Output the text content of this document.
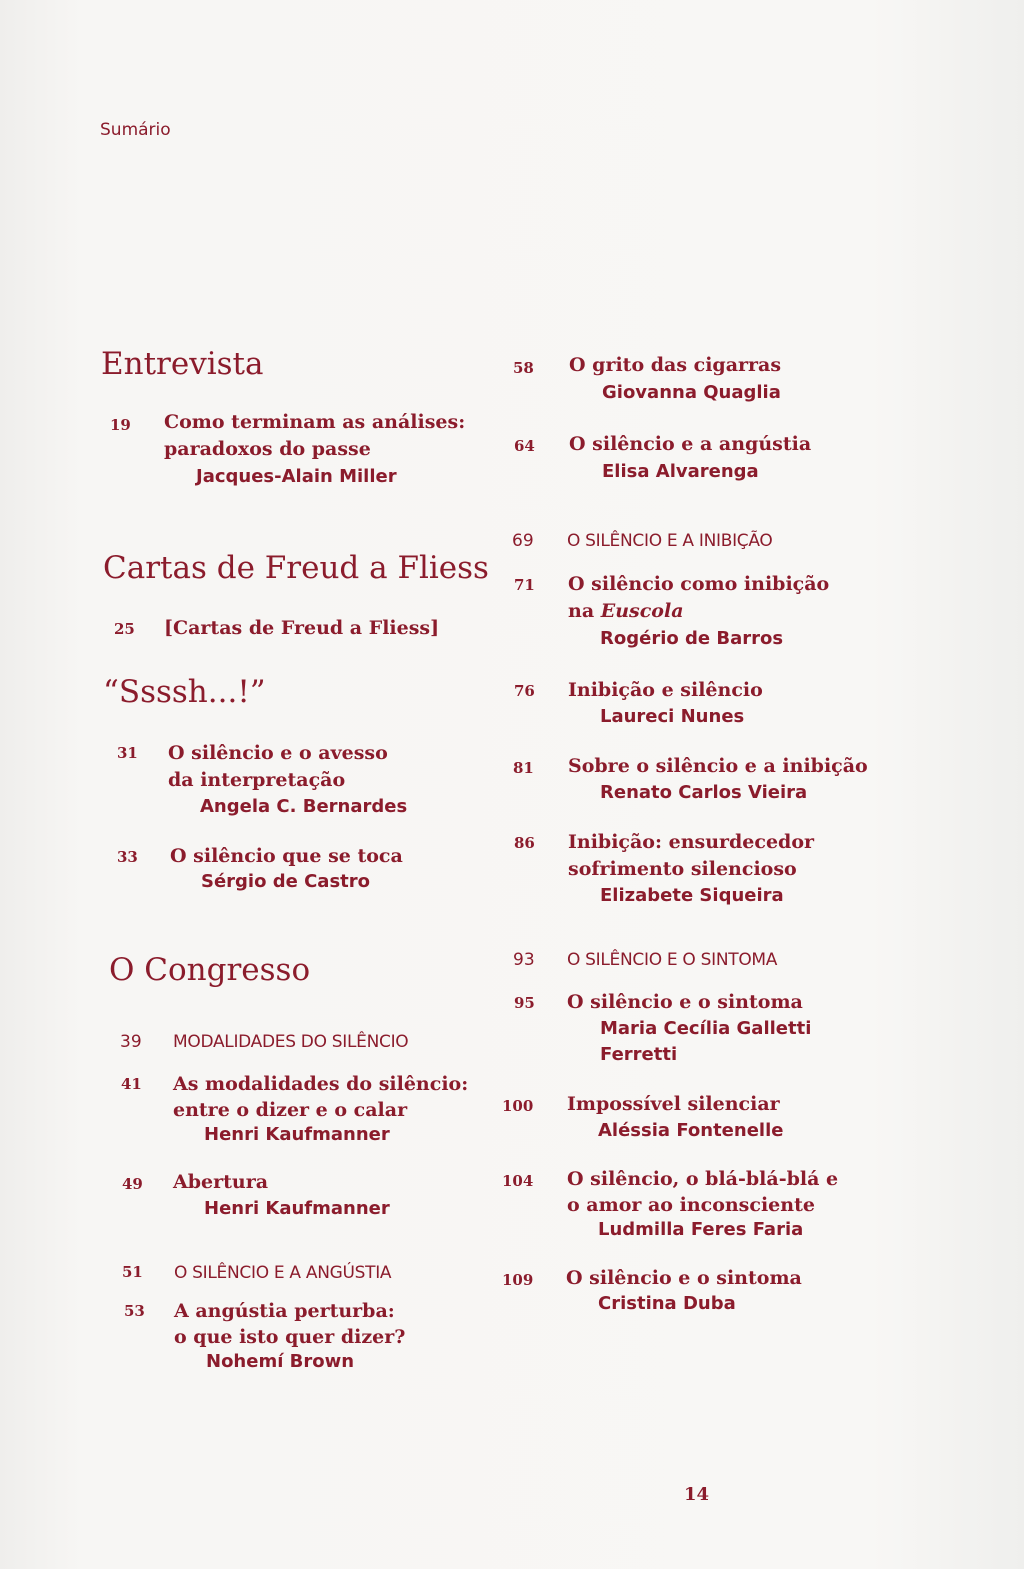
Sumário
Entrevista
19 Como terminam as análises:
paradoxos do passe
Jacques-Alain Miller
Cartas de Freud a Fliess
25 [Cartas de Freud a Fliess]
“Ssssh...!”
31 O silêncio e o avesso
da interpretação
Angela C. Bernardes
33 O silêncio que se toca
Sérgio de Castro
O Congresso
39 MODALIDADES DO SILÊNCIO
41 As modalidades do silêncio:
entre o dizer e o calar
Henri Kaufmanner
49 Abertura
Henri Kaufmanner
51 O SILÊNCIO E A ANGÚSTIA
53 A angústia perturba:
o que isto quer dizer?
Nohemí Brown
58 O grito das cigarras
Giovanna Quaglia
64 O silêncio e a angústia
Elisa Alvarenga
69 O SILÊNCIO E A INIBIÇÃO
71 O silêncio como inibição
na Euscola
Rogério de Barros
76 Inibição e silêncio
Laureci Nunes
81 Sobre o silêncio e a inibição
Renato Carlos Vieira
86 Inibição: ensurdecedor
sofrimento silencioso
Elizabete Siqueira
93 O SILÊNCIO E O SINTOMA
95 O silêncio e o sintoma
Maria Cecília Galletti
Ferretti
100 Impossível silenciar
Aléssia Fontenelle
104 O silêncio, o blá-blá-blá e
o amor ao inconsciente
Ludmilla Feres Faria
109 O silêncio e o sintoma
Cristina Duba
14
